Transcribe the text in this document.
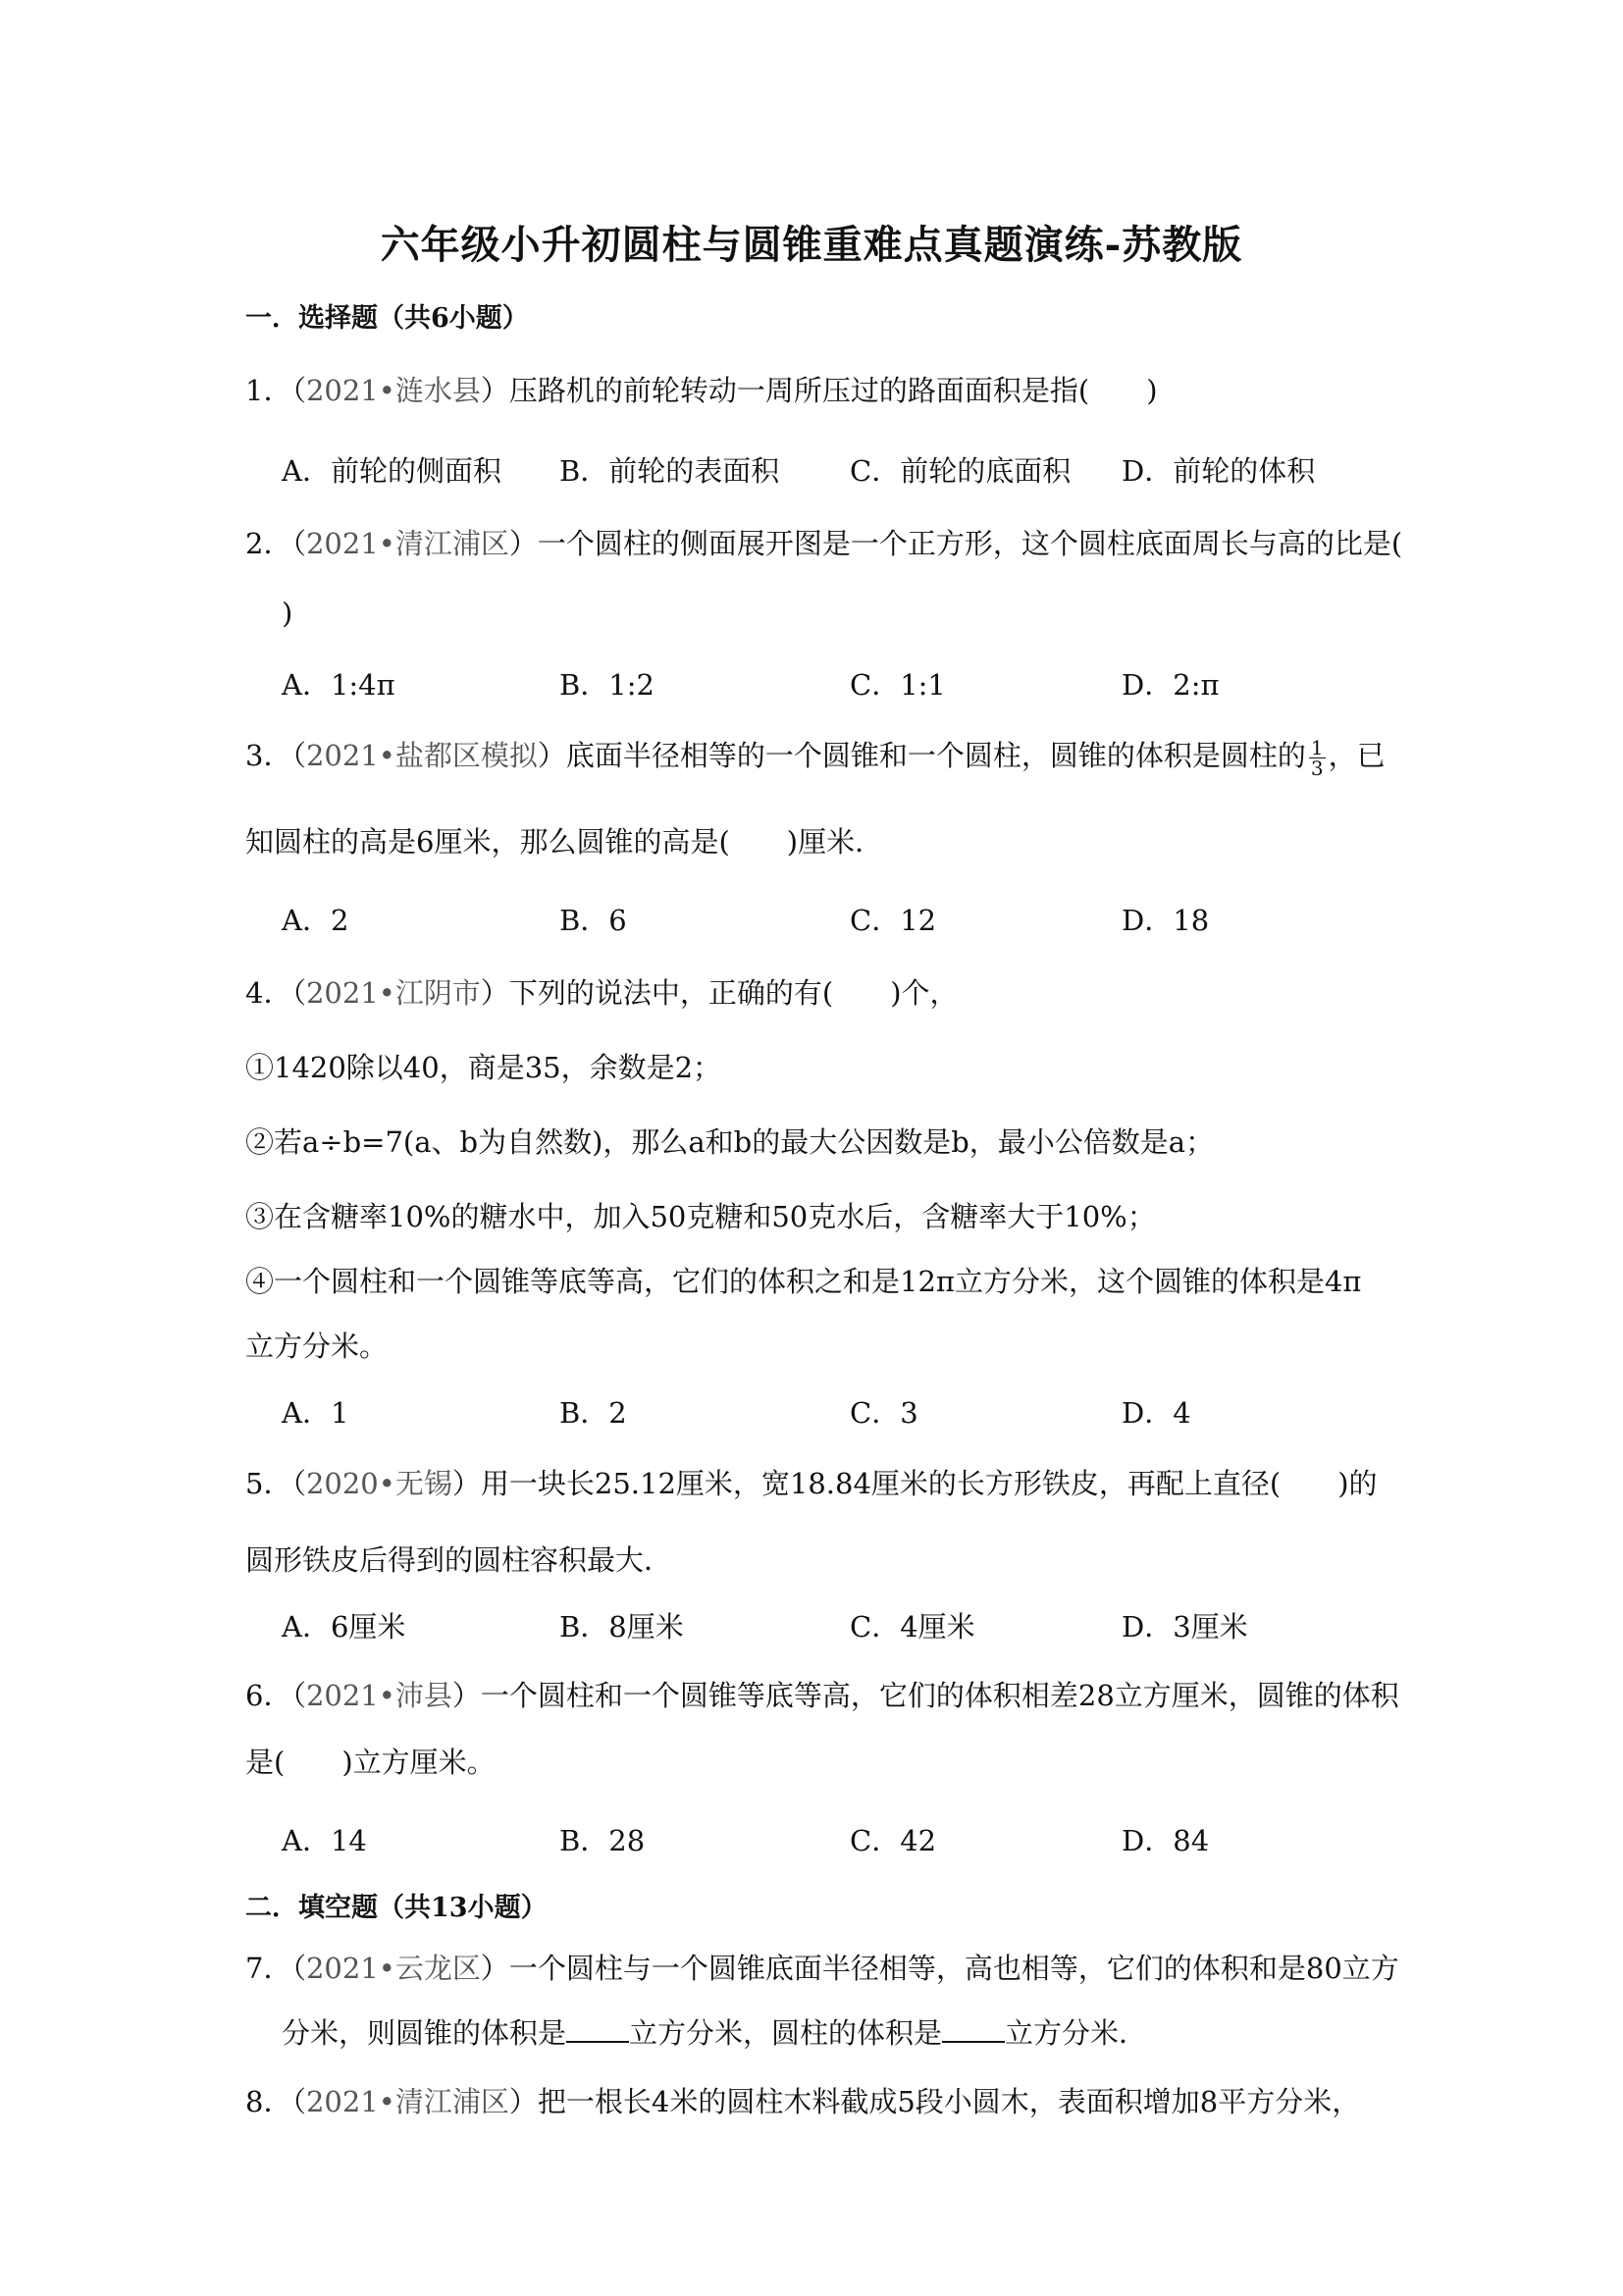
六年级小升初圆柱与圆锥重难点真题演练-苏教版
一．选择题（共6小题）
1．（2021•涟水县）压路机的前轮转动一周所压过的路面面积是指(　　)
A．前轮的侧面积 B．前轮的表面积 C．前轮的底面积 D．前轮的体积
2．（2021•清江浦区）一个圆柱的侧面展开图是一个正方形，这个圆柱底面周长与高的比是(
)
A．1:4π	B．1:2	C．1:1	D．2:π
3．（2021•盐都区模拟）底面半径相等的一个圆锥和一个圆柱，圆锥的体积是圆柱的 $\frac{1}{3}$ ，已
知圆柱的高是6厘米，那么圆锥的高是(　　)厘米．
A．2	B．6	C．12	D．18
4．（2021•江阴市）下列的说法中，正确的有(　　)个，
①1420除以40，商是35，余数是2；
②若a÷b=7(a、b为自然数)，那么a和b的最大公因数是b，最小公倍数是a；
③在含糖率10%的糖水中，加入50克糖和50克水后，含糖率大于10%；
④一个圆柱和一个圆锥等底等高，它们的体积之和是12π立方分米，这个圆锥的体积是4π
立方分米。
A．1	B．2	C．3	D．4
5．（2020•无锡）用一块长25.12厘米，宽18.84厘米的长方形铁皮，再配上直径(　　)的
圆形铁皮后得到的圆柱容积最大．
A．6厘米	B．8厘米	C．4厘米	D．3厘米
6．（2021•沛县）一个圆柱和一个圆锥等底等高，它们的体积相差28立方厘米，圆锥的体积
是(　　)立方厘米。
A．14	B．28	C．42	D．84
二．填空题（共13小题）
7．（2021•云龙区）一个圆柱与一个圆锥底面半径相等，高也相等，它们的体积和是80立方
分米，则圆锥的体积是 立方分米，圆柱的体积是 立方分米．
8．（2021•清江浦区）把一根长4米的圆柱木料截成5段小圆木，表面积增加8平方分米，
